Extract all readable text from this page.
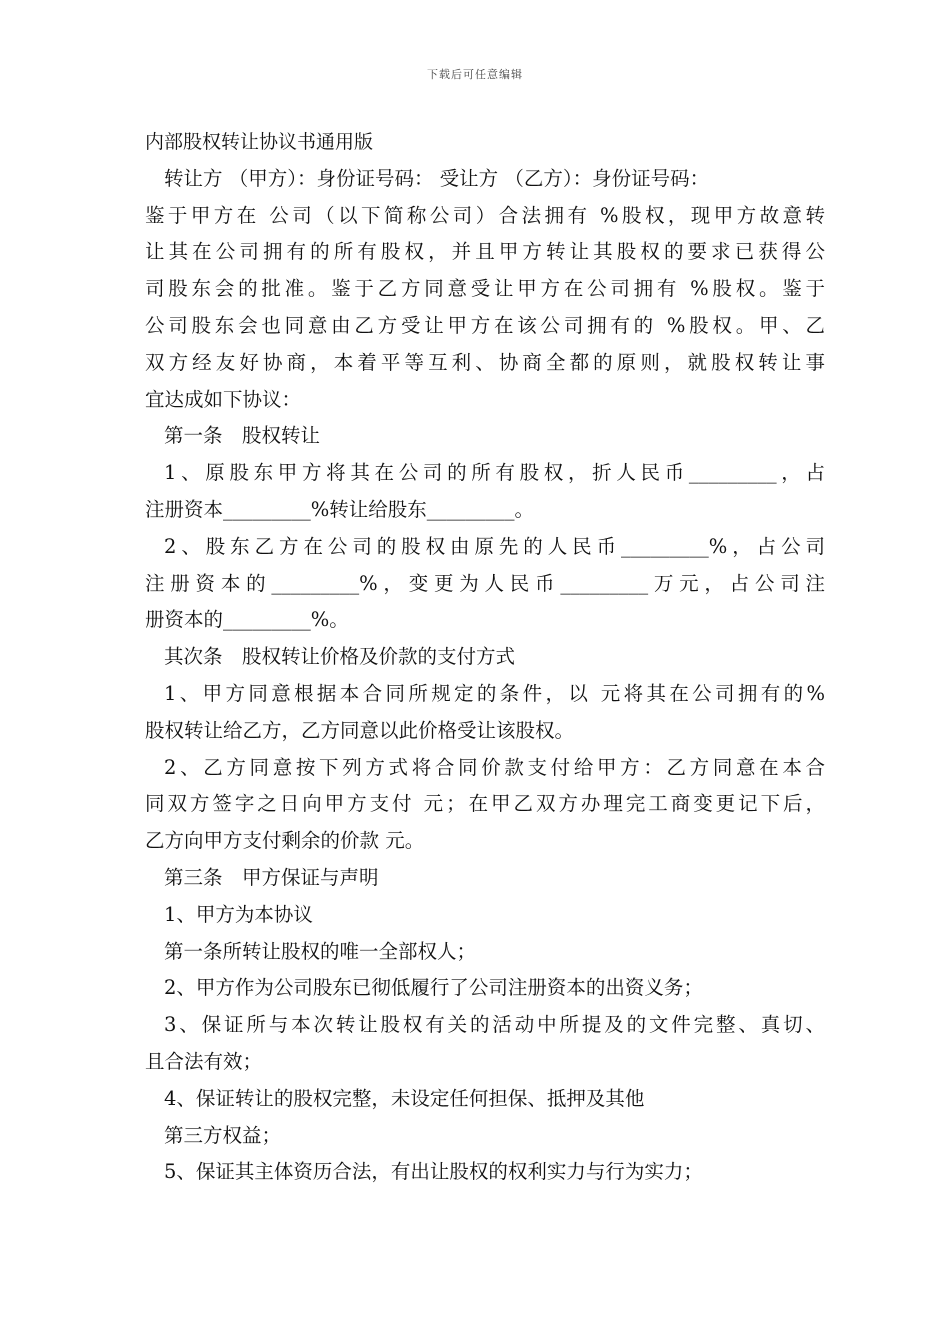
下载后可任意编辑
内部股权转让协议书通用版
转让方 （甲方）：身份证号码： 受让方 （乙方）：身份证号码：
鉴于甲方在 公司（以下简称公司）合法拥有 %股权，现甲方故意转
让其在公司拥有的所有股权，并且甲方转让其股权的要求已获得公
司股东会的批准。鉴于乙方同意受让甲方在公司拥有 %股权。鉴于
公司股东会也同意由乙方受让甲方在该公司拥有的 %股权。甲、乙
双方经友好协商，本着平等互利、协商全都的原则，就股权转让事
宜达成如下协议：
第一条　股权转让
1、原股东甲方将其在公司的所有股权，折人民币_________，占
注册资本_________%转让给股东_________。
2、股东乙方在公司的股权由原先的人民币_________%，占公司
注册资本的_________%，变更为人民币_________万元，占公司注
册资本的_________%。
其次条　股权转让价格及价款的支付方式
1、甲方同意根据本合同所规定的条件，以 元将其在公司拥有的%
股权转让给乙方，乙方同意以此价格受让该股权。
2、乙方同意按下列方式将合同价款支付给甲方：乙方同意在本合
同双方签字之日向甲方支付 元；在甲乙双方办理完工商变更记下后，
乙方向甲方支付剩余的价款 元。
第三条　甲方保证与声明
1、甲方为本协议
第一条所转让股权的唯一全部权人；
2、甲方作为公司股东已彻低履行了公司注册资本的出资义务；
3、保证所与本次转让股权有关的活动中所提及的文件完整、真切、
且合法有效；
4、保证转让的股权完整，未设定任何担保、抵押及其他
第三方权益；
5、保证其主体资历合法，有出让股权的权利实力与行为实力；
